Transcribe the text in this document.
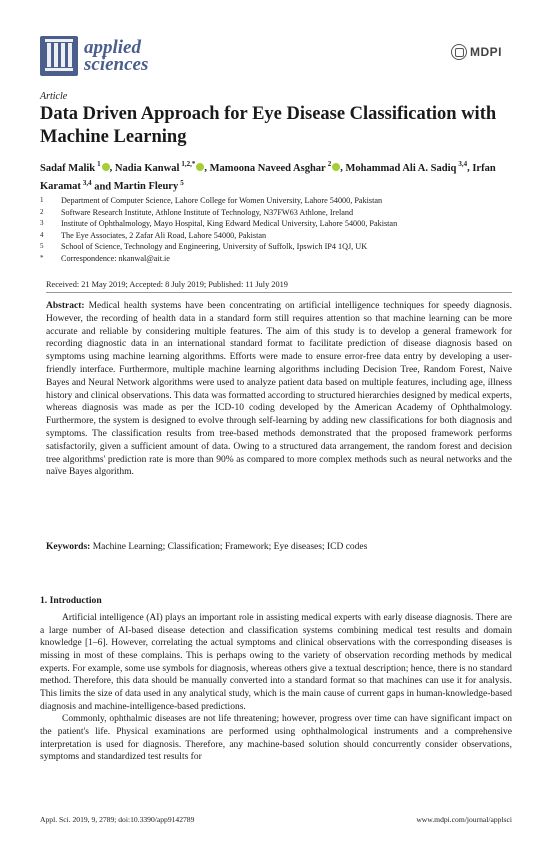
applied
sciences
MDPI
Article
Data Driven Approach for Eye Disease Classification with Machine Learning
Sadaf Malik $^1$ , Nadia Kanwal $^{1,2,*}$ , Mamoona Naveed Asghar $^2$ , Mohammad Ali A. Sadiq $^{3,4}$, Irfan Karamat $^{3,4}$ and Martin Fleury $^5$
1	Department of Computer Science, Lahore College for Women University, Lahore 54000, Pakistan
2	Software Research Institute, Athlone Institute of Technology, N37FW63 Athlone, Ireland
3	Institute of Ophthalmology, Mayo Hospital, King Edward Medical University, Lahore 54000, Pakistan
4	The Eye Associates, 2 Zafar Ali Road, Lahore 54000, Pakistan
5	School of Science, Technology and Engineering, University of Suffolk, Ipswich IP4 1QJ, UK
*	Correspondence: nkanwal@ait.ie
Received: 21 May 2019; Accepted: 8 July 2019; Published: 11 July 2019
Abstract: Medical health systems have been concentrating on artificial intelligence techniques for speedy diagnosis. However, the recording of health data in a standard form still requires attention so that machine learning can be more accurate and reliable by considering multiple features. The aim of this study is to develop a general framework for recording diagnostic data in an international standard format to facilitate prediction of disease diagnosis based on symptoms using machine learning algorithms. Efforts were made to ensure error-free data entry by developing a user-friendly interface. Furthermore, multiple machine learning algorithms including Decision Tree, Random Forest, Naive Bayes and Neural Network algorithms were used to analyze patient data based on multiple features, including age, illness history and clinical observations. This data was formatted according to structured hierarchies designed by medical experts, whereas diagnosis was made as per the ICD-10 coding developed by the American Academy of Ophthalmology. Furthermore, the system is designed to evolve through self-learning by adding new classifications for both diagnosis and symptoms. The classification results from tree-based methods demonstrated that the proposed framework performs satisfactorily, given a sufficient amount of data. Owing to a structured data arrangement, the random forest and decision tree algorithms' prediction rate is more than 90% as compared to more complex methods such as neural networks and the naïve Bayes algorithm.
Keywords: Machine Learning; Classification; Framework; Eye diseases; ICD codes
1. Introduction

Artificial intelligence (AI) plays an important role in assisting medical experts with early disease diagnosis. There are a large number of AI-based disease detection and classification systems combining medical test results and domain knowledge [1–6]. However, correlating the actual symptoms and clinical observations with the corresponding diseases is missing in most of these complains. This is perhaps owing to the variety of observation recording methods by medical experts. For example, some use symbols for diagnosis, whereas others give a textual description; hence, there is no standard method. Therefore, this data should be manually converted into a standard format so that machines can use it for analysis. This limits the size of data used in any analytical study, which is the main cause of current gaps in human-knowledge-based diagnosis and machine-intelligence-based predictions.

Commonly, ophthalmic diseases are not life threatening; however, progress over time can have significant impact on the patient's life. Physical examinations are performed using ophthalmological instruments and a comprehensive interpretation is used for diagnosis. Therefore, any machine-based solution should concurrently consider observations, symptoms and standardized test results for

Appl. Sci. 2019, 9, 2789; doi:10.3390/app9142789	www.mdpi.com/journal/applsci
